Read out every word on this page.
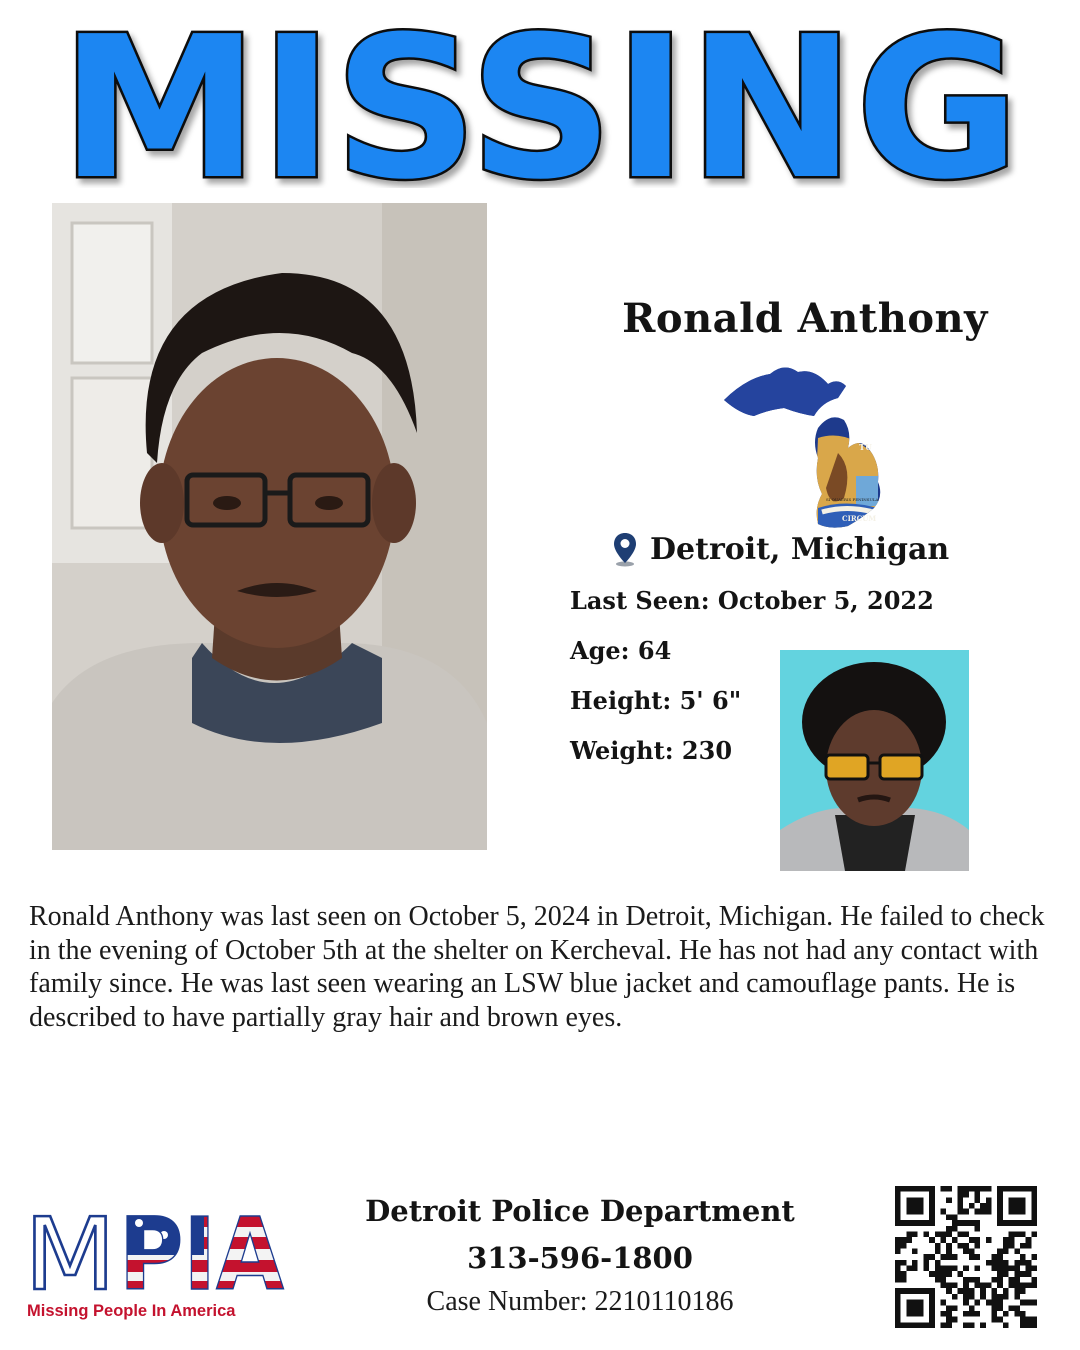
MISSING
Ronald Anthony
TU
SI QUAERIS PENINSULA
CIRCUM
Detroit, Michigan
Last Seen: October 5, 2022
Age: 64
Height: 5' 6"
Weight: 230

Ronald Anthony was last seen on October 5, 2024 in Detroit, Michigan. He failed to check in the evening of October 5th at the shelter on Kercheval. He has not had any contact with family since. He was last seen wearing an LSW blue jacket and camouflage pants. He is described to have partially gray hair and brown eyes.

M PIA
Missing People In America
Detroit Police Department
313-596-1800
Case Number: 2210110186
